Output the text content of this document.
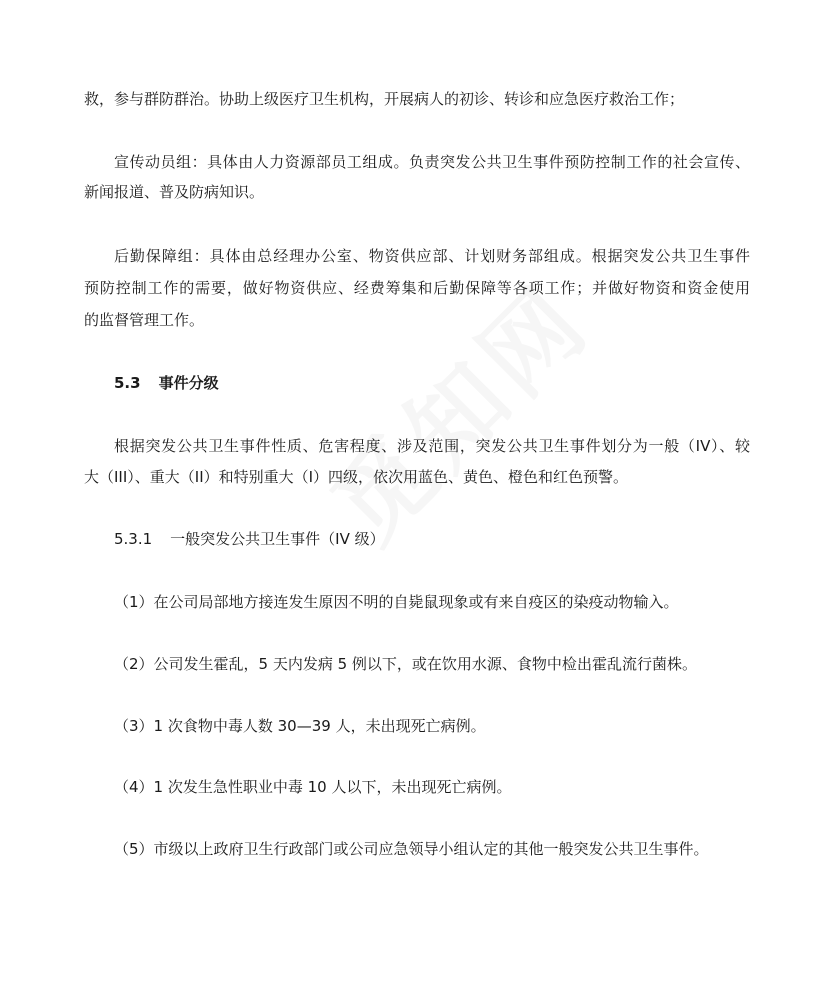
救，参与群防群治。协助上级医疗卫生机构，开展病人的初诊、转诊和应急医疗救治工作；
宣传动员组：具体由人力资源部员工组成。负责突发公共卫生事件预防控制工作的社会宣传、
新闻报道、普及防病知识。
后勤保障组：具体由总经理办公室、物资供应部、计划财务部组成。根据突发公共卫生事件
预防控制工作的需要，做好物资供应、经费筹集和后勤保障等各项工作；并做好物资和资金使用
的监督管理工作。
5.3 事件分级
根据突发公共卫生事件性质、危害程度、涉及范围，突发公共卫生事件划分为一般（IV）、较
大（III）、重大（II）和特别重大（I）四级，依次用蓝色、黄色、橙色和红色预警。
5.3.1 一般突发公共卫生事件（IV 级）
（1）在公司局部地方接连发生原因不明的自毙鼠现象或有来自疫区的染疫动物输入。
（2）公司发生霍乱，5 天内发病 5 例以下，或在饮用水源、食物中检出霍乱流行菌株。
（3）1 次食物中毒人数 30—39 人，未出现死亡病例。
（4）1 次发生急性职业中毒 10 人以下，未出现死亡病例。
（5）市级以上政府卫生行政部门或公司应急领导小组认定的其他一般突发公共卫生事件。
